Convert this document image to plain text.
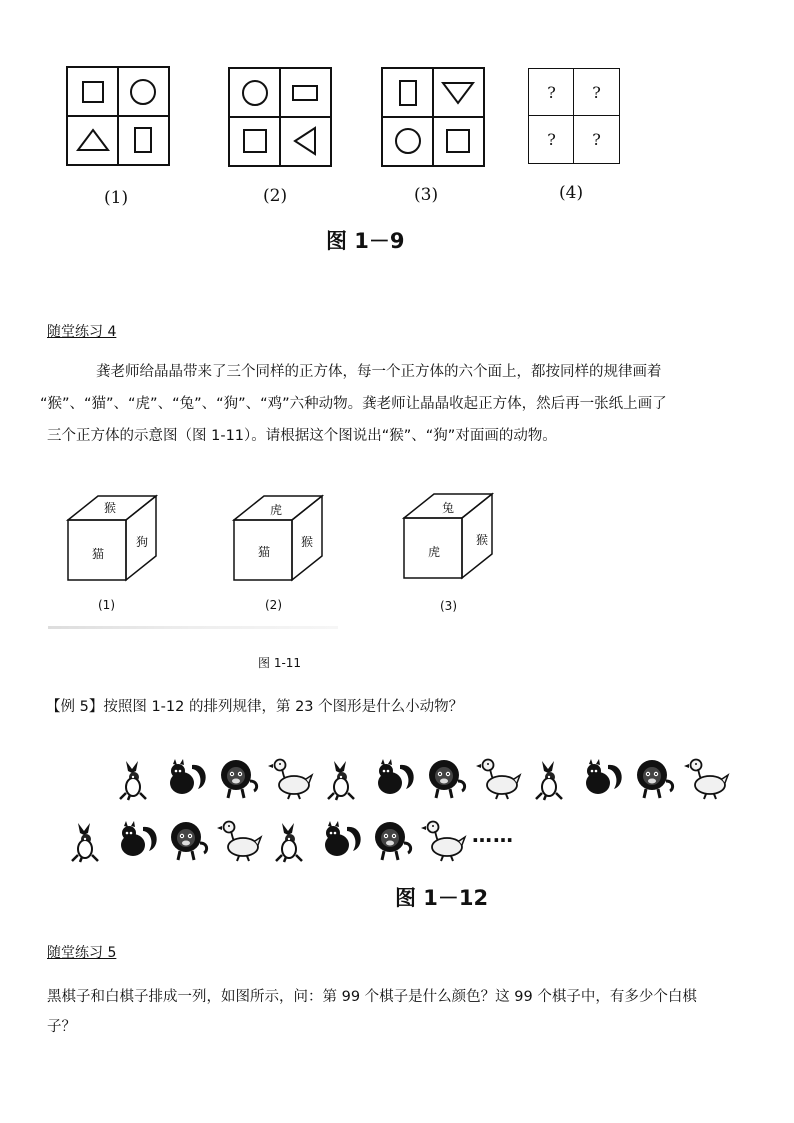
? ?
? ?
(1)	(2)	(3)	(4)
图 1－9
随堂练习 4
龚老师给晶晶带来了三个同样的正方体，每一个正方体的六个面上，都按同样的规律画着
“猴”、“猫”、“虎”、“兔”、“狗”、“鸡”六种动物。龚老师让晶晶收起正方体，然后再一张纸上画了
三个正方体的示意图（图 1-11）。请根据这个图说出“猴”、“狗”对面画的动物。
猴
猫
狗
虎
猫
猴
兔
虎
猴
(1)	(2)	(3)
图 1-11
【例 5】按照图 1-12 的排列规律，第 23 个图形是什么小动物？
……
图 1－12
随堂练习 5
黑棋子和白棋子排成一列，如图所示，问：第 99 个棋子是什么颜色？这 99 个棋子中，有多少个白棋
子？
